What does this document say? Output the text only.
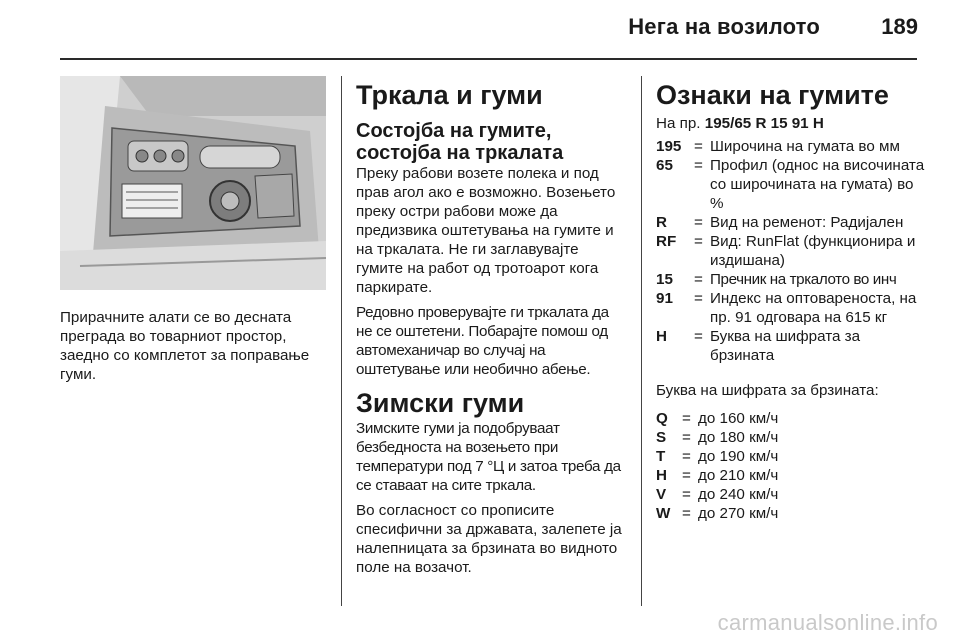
Нега на возилото	189
Прирачните алати се во десната преграда во товарниот простор, заедно со комплетот за поправање гуми.
Тркала и гуми
Состојба на гумите, состојба на тркалата

Преку рабови возете полека и под прав агол ако е возможно. Возењето преку остри рабови може да предизвика оштетувања на гумите и на тркалата. Не ги заглавувајте гумите на работ од тротоарот кога паркирате.

Редовно проверувајте ги тркалата да не се оштетени. Побарајте помош од автомеханичар во случај на оштетување или необично абење.

Зимски гуми

Зимските гуми ја подобруваат безбедноста на возењето при температури под 7 °Ц и затоа треба да се ставаат на сите тркала.

Во согласност со прописите спесифични за државата, залепете ја налепницата за брзината во видното поле на возачот.

Ознаки на гумите
На пр. 195/65 R 15 91 H
195 = Широчина на гумата во мм
65	= Профил (однос на височината со широчината на гумата) во %
R	= Вид на ременот: Радијален
RF	= Вид: RunFlat (функционира и издишана)
15	= Пречник на тркалото во инч
91	= Индекс на оптовареноста, на пр. 91 одговара на 615 кг
H	= Буква на шифрата за брзината
Буква на шифрата за брзината:
Q = до 160 км/ч
S	= до 180 км/ч
T	= до 190 км/ч
H = до 210 км/ч
V	= до 240 км/ч
W = до 270 км/ч
carmanualsonline.info
